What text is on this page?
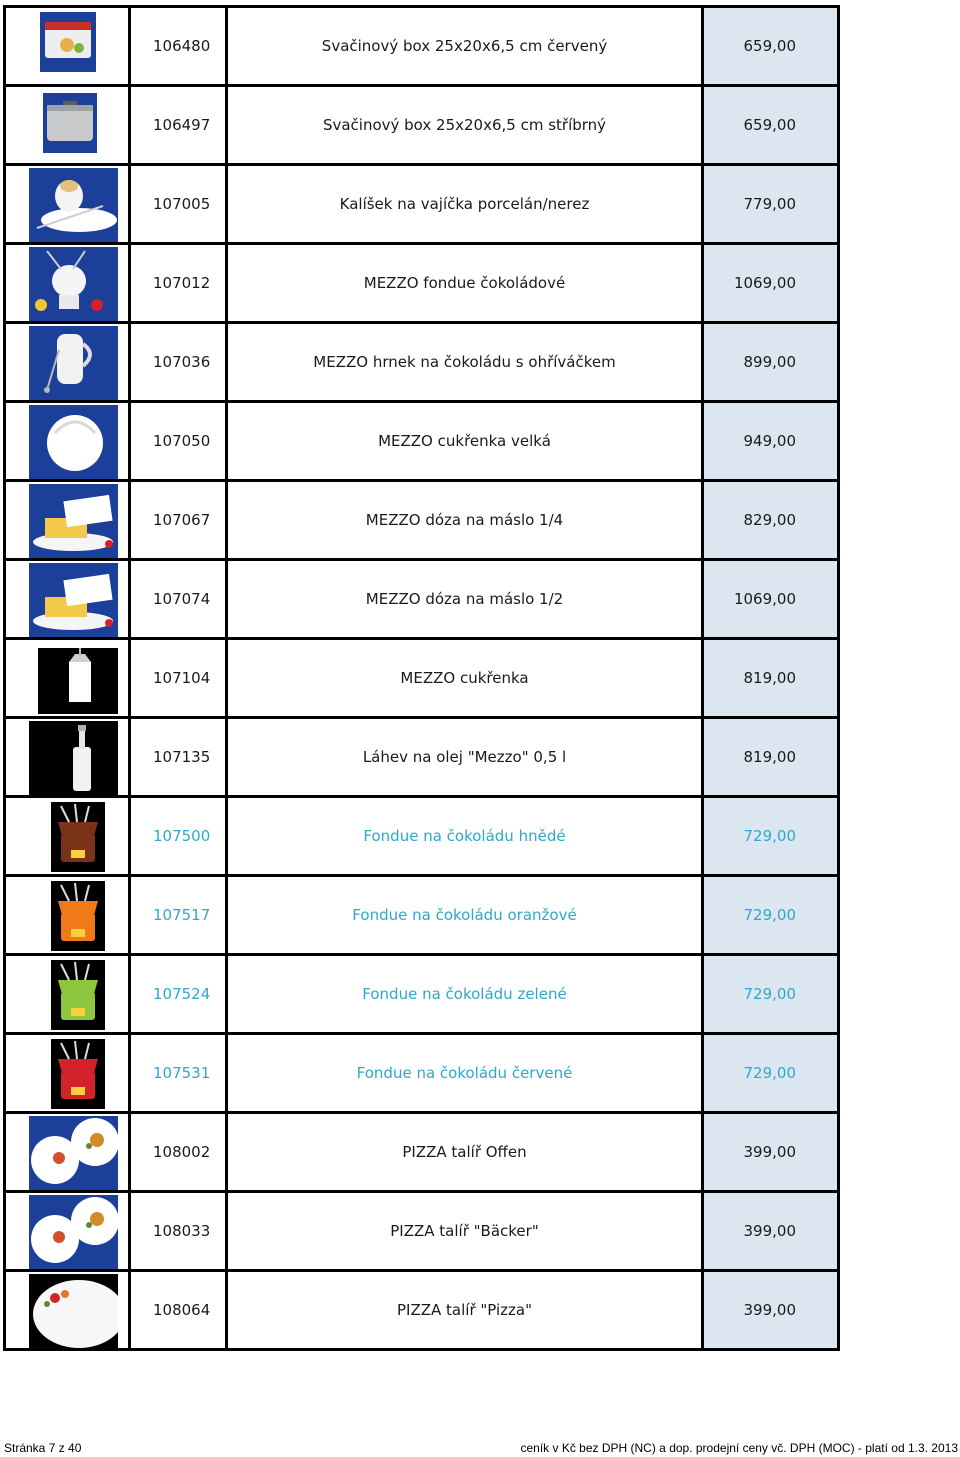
	106480	Svačinový box 25x20x6,5 cm červený	659,00

	106497	Svačinový box 25x20x6,5 cm stříbrný	659,00

	107005	Kalíšek na vajíčka porcelán/nerez	779,00

	107012	MEZZO fondue čokoládové	1069,00

	107036	MEZZO hrnek na čokoládu s ohříváčkem	899,00

	107050	MEZZO cukřenka velká	949,00

	107067	MEZZO dóza na máslo 1/4	829,00

	107074	MEZZO dóza na máslo 1/2	1069,00

	107104	MEZZO cukřenka	819,00

	107135	Láhev na olej "Mezzo" 0,5 l	819,00

	107500	Fondue na čokoládu hnědé	729,00

	107517	Fondue na čokoládu oranžové	729,00

	107524	Fondue na čokoládu zelené	729,00

	107531	Fondue na čokoládu červené	729,00

	108002	PIZZA talíř Offen	399,00

	108033	PIZZA talíř "Bäcker"	399,00

	108064	PIZZA talíř "Pizza"	399,00
Stránka 7 z 40	ceník v Kč bez DPH (NC) a dop. prodejní ceny vč. DPH (MOC) - platí od 1.3. 2013
